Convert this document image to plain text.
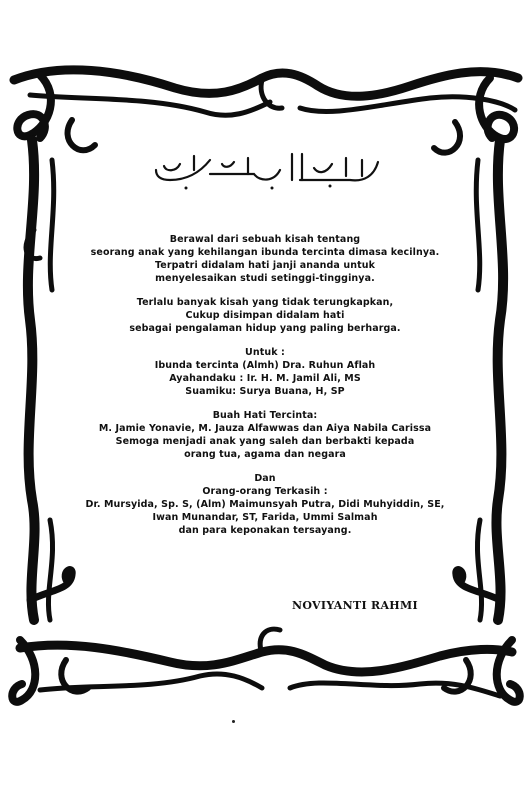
Berawal dari sebuah kisah tentang
seorang anak yang kehilangan ibunda tercinta dimasa kecilnya.
Terpatri didalam hati janji ananda untuk
menyelesaikan studi setinggi-tingginya.
Terlalu banyak kisah yang tidak terungkapkan,
Cukup disimpan didalam hati
sebagai pengalaman hidup yang paling berharga.
Untuk :
Ibunda tercinta (Almh) Dra. Ruhun Aflah
Ayahandaku : Ir. H. M. Jamil Ali, MS
Suamiku: Surya Buana, H, SP
Buah Hati Tercinta:
M. Jamie Yonavie, M. Jauza Alfawwas dan Aiya Nabila Carissa
Semoga menjadi anak yang saleh dan berbakti kepada
orang tua, agama dan negara
Dan
Orang-orang Terkasih :
Dr. Mursyida, Sp. S, (Alm) Maimunsyah Putra, Didi Muhyiddin, SE,
Iwan Munandar, ST, Farida, Ummi Salmah
dan para keponakan tersayang.
NOVIYANTI RAHMI
